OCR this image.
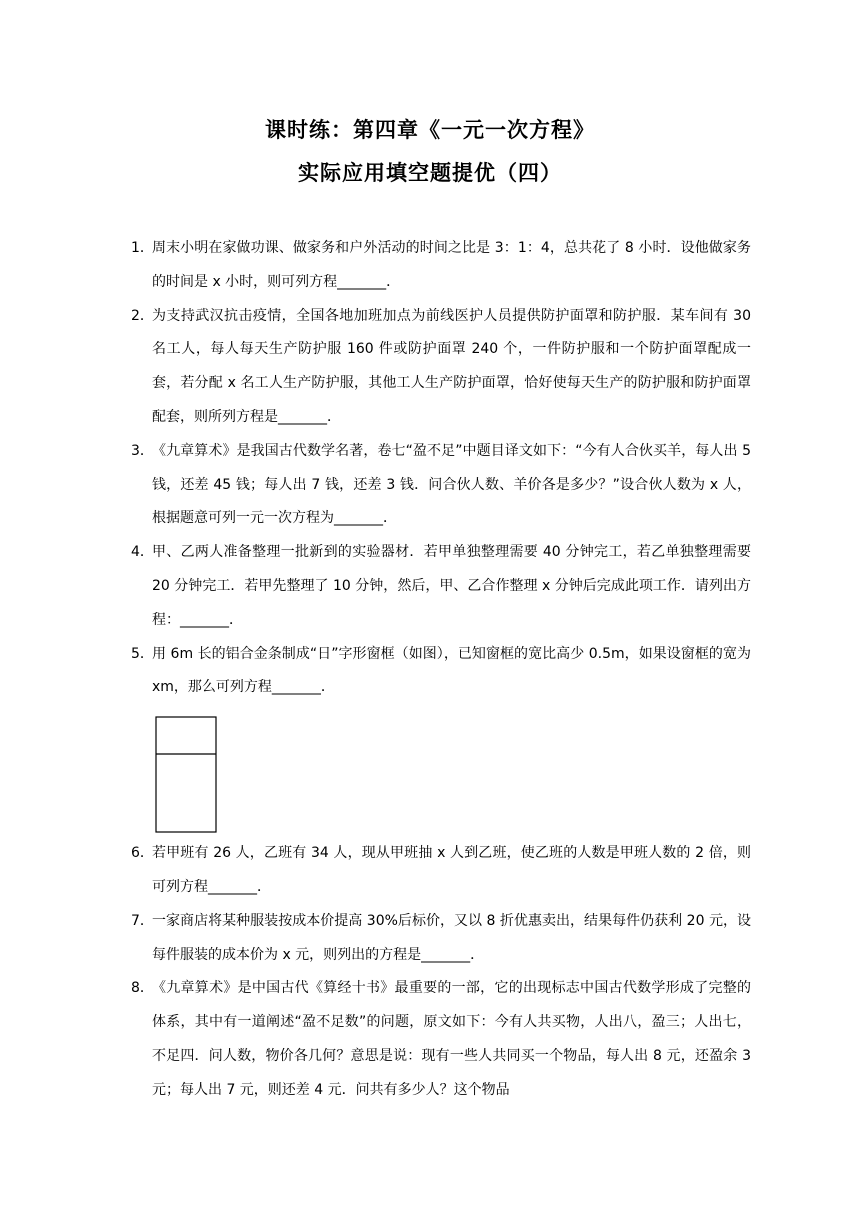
课时练：第四章《一元一次方程》
实际应用填空题提优（四）
1．
周末小明在家做功课、做家务和户外活动的时间之比是 3：1：4，总共花了 8 小时．设他做家务的时间是 x 小时，则可列方程_______．
2．
为支持武汉抗击疫情，全国各地加班加点为前线医护人员提供防护面罩和防护服．某车间有 30 名工人，每人每天生产防护服 160 件或防护面罩 240 个，一件防护服和一个防护面罩配成一套，若分配 x 名工人生产防护服，其他工人生产防护面罩，恰好使每天生产的防护服和防护面罩配套，则所列方程是_______．
3．
《九章算术》是我国古代数学名著，卷七“盈不足”中题目译文如下：“今有人合伙买羊，每人出 5 钱，还差 45 钱；每人出 7 钱，还差 3 钱．问合伙人数、羊价各是多少？”设合伙人数为 x 人，根据题意可列一元一次方程为_______．
4．
甲、乙两人准备整理一批新到的实验器材．若甲单独整理需要 40 分钟完工，若乙单独整理需要 20 分钟完工．若甲先整理了 10 分钟，然后，甲、乙合作整理 x 分钟后完成此项工作．请列出方程：_______．
5．
用 6m 长的铝合金条制成“日”字形窗框（如图），已知窗框的宽比高少 0.5m，如果设窗框的宽为 xm，那么可列方程_______．
6．
若甲班有 26 人，乙班有 34 人，现从甲班抽 x 人到乙班，使乙班的人数是甲班人数的 2 倍，则可列方程_______．
7．
一家商店将某种服装按成本价提高 30%后标价，又以 8 折优惠卖出，结果每件仍获利 20 元，设每件服装的成本价为 x 元，则列出的方程是_______．
8．
《九章算术》是中国古代《算经十书》最重要的一部，它的出现标志中国古代数学形成了完整的体系，其中有一道阐述“盈不足数”的问题，原文如下：今有人共买物，人出八，盈三；人出七，不足四．问人数，物价各几何？意思是说：现有一些人共同买一个物品，每人出 8 元，还盈余 3 元；每人出 7 元，则还差 4 元．问共有多少人？这个物品
